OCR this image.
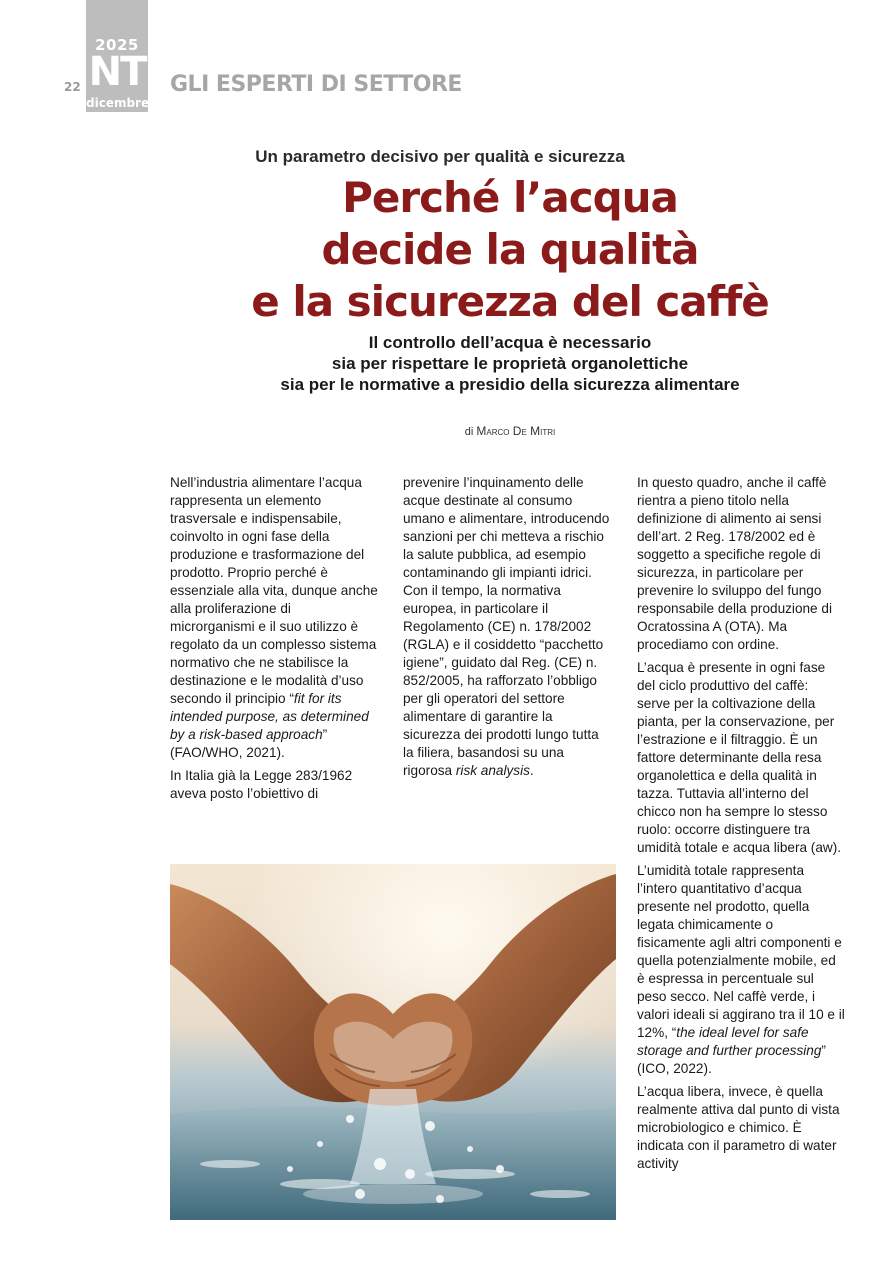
22
2025
NT
dicembre
GLI ESPERTI DI SETTORE
Un parametro decisivo per qualità e sicurezza
Perché l’acqua
decide la qualità
e la sicurezza del caffè
Il controllo dell’acqua è necessario
sia per rispettare le proprietà organolettiche
sia per le normative a presidio della sicurezza alimentare
di Marco De Mitri

Nell’industria alimentare l’acqua rappresenta un elemento trasversale e indispensabile, coinvolto in ogni fase della produzione e trasformazione del prodotto. Proprio perché è essenziale alla vita, dunque anche alla proliferazione di microrganismi e il suo utilizzo è regolato da un complesso sistema normativo che ne stabilisce la destinazione e le modalità d’uso secondo il principio “fit for its intended purpose, as determined by a risk-based approach” (FAO/WHO, 2021).

In Italia già la Legge 283/1962 aveva posto l’obiettivo di

prevenire l’inquinamento delle acque destinate al consumo umano e alimentare, introducendo sanzioni per chi metteva a rischio la salute pubblica, ad esempio contaminando gli impianti idrici. Con il tempo, la normativa europea, in particolare il Regolamento (CE) n. 178/2002 (RGLA) e il cosiddetto “pacchetto igiene”, guidato dal Reg. (CE) n. 852/2005, ha rafforzato l’obbligo per gli operatori del settore alimentare di garantire la sicurezza dei prodotti lungo tutta la filiera, basandosi su una rigorosa risk analysis.

In questo quadro, anche il caffè rientra a pieno titolo nella definizione di alimento ai sensi dell’art. 2 Reg. 178/2002 ed è soggetto a specifiche regole di sicurezza, in particolare per prevenire lo sviluppo del fungo responsabile della produzione di Ocratossina A (OTA). Ma procediamo con ordine.

L’acqua è presente in ogni fase del ciclo produttivo del caffè: serve per la coltivazione della pianta, per la conservazione, per l’estrazione e il filtraggio. È un fattore determinante della resa organolettica e della qualità in tazza. Tuttavia all’interno del chicco non ha sempre lo stesso ruolo: occorre distinguere tra umidità totale e acqua libera (aw).

L’umidità totale rappresenta l’intero quantitativo d’acqua presente nel prodotto, quella legata chimicamente o fisicamente agli altri componenti e quella potenzialmente mobile, ed è espressa in percentuale sul peso secco. Nel caffè verde, i valori ideali si aggirano tra il 10 e il 12%, “the ideal level for safe storage and further processing” (ICO, 2022).

L’acqua libera, invece, è quella realmente attiva dal punto di vista microbiologico e chimico. È indicata con il parametro di water activity
